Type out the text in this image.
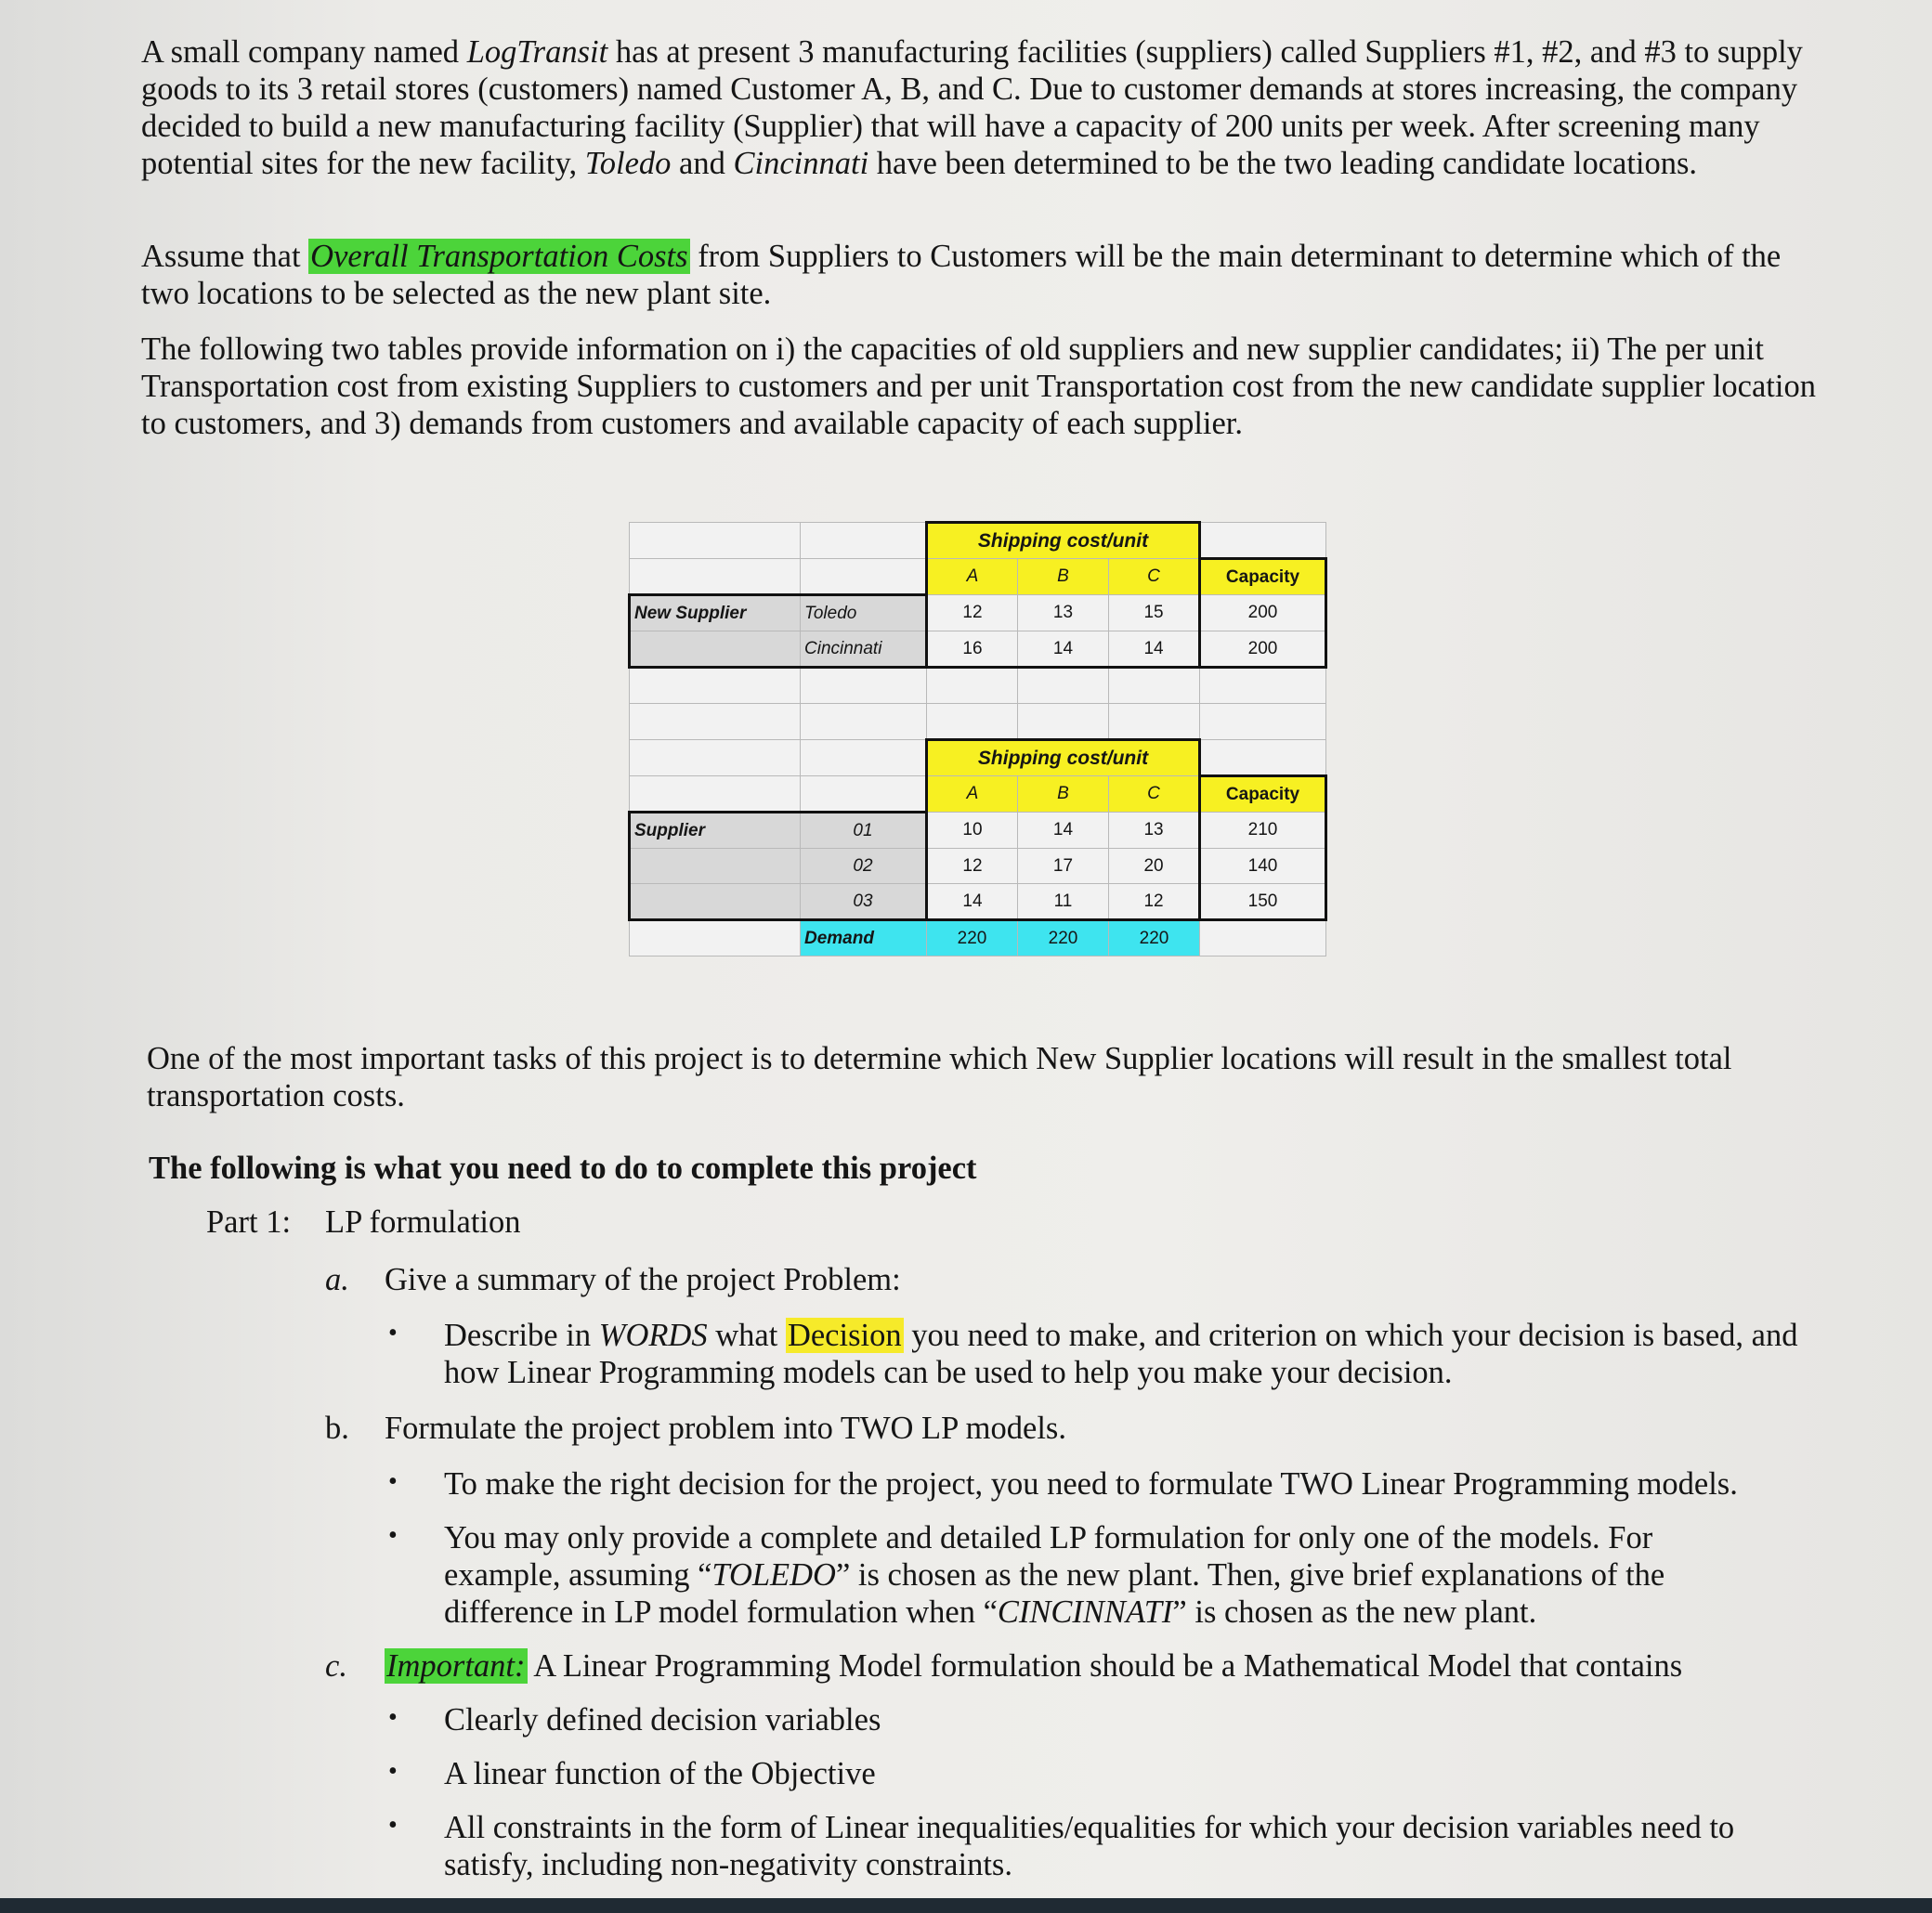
A small company named LogTransit has at present 3 manufacturing facilities (suppliers) called Suppliers #1, #2, and #3 to supply goods to its 3 retail stores (customers) named Customer A, B, and C. Due to customer demands at stores increasing, the company decided to build a new manufacturing facility (Supplier) that will have a capacity of 200 units per week. After screening many potential sites for the new facility, Toledo and Cincinnati have been determined to be the two leading candidate locations.

Assume that Overall Transportation Costs from Suppliers to Customers will be the main determinant to determine which of the two locations to be selected as the new plant site.

The following two tables provide information on i) the capacities of old suppliers and new supplier candidates; ii) The per unit Transportation cost from existing Suppliers to customers and per unit Transportation cost from the new candidate supplier location to customers, and 3) demands from customers and available capacity of each supplier.

		Shipping cost/unit			
		A	B	C	Capacity
New Supplier	Toledo	12	13	15	200
	Cincinnati	16	14	14	200

		Shipping cost/unit			
		A	B	C	Capacity
Supplier	01	10	14	13	210
	02	12	17	20	140
	03	14	11	12	150
	Demand	220	220	220	

One of the most important tasks of this project is to determine which New Supplier locations will result in the smallest total transportation costs.

The following is what you need to do to complete this project
Part 1: LP formulation
a. Give a summary of the project Problem:
• Describe in WORDS what Decision you need to make, and criterion on which your decision is based, and how Linear Programming models can be used to help you make your decision.

b. Formulate the project problem into TWO LP models.
• To make the right decision for the project, you need to formulate TWO Linear Programming models.

• You may only provide a complete and detailed LP formulation for only one of the models. For example, assuming “TOLEDO” is chosen as the new plant. Then, give brief explanations of the difference in LP model formulation when “CINCINNATI” is chosen as the new plant.

c. Important: A Linear Programming Model formulation should be a Mathematical Model that contains
• Clearly defined decision variables
• A linear function of the Objective
• All constraints in the form of Linear inequalities/equalities for which your decision variables need to satisfy, including non-negativity constraints.
